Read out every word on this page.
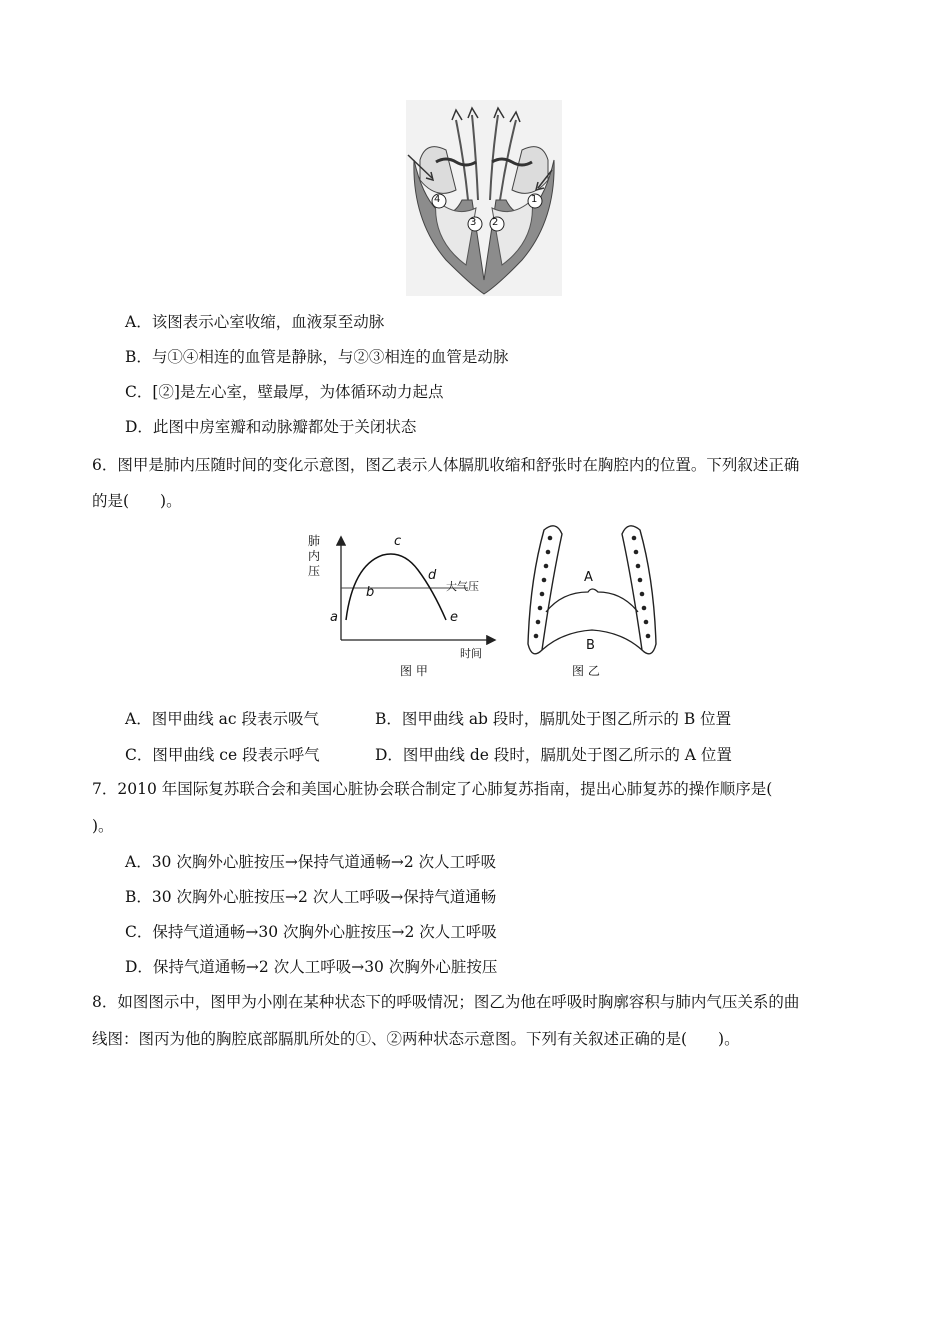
4
3 2
1
A．该图表示心室收缩，血液泵至动脉
B．与①④相连的血管是静脉，与②③相连的血管是动脉
C．[②]是左心室，壁最厚，为体循环动力起点
D．此图中房室瓣和动脉瓣都处于关闭状态
6．图甲是肺内压随时间的变化示意图，图乙表示人体膈肌收缩和舒张时在胸腔内的位置。下列叙述正确
的是(　　)。
肺
内
压
a
b
c
d
e
大气压
时间
图 甲
A
B
图 乙
A．图甲曲线 ac 段表示吸气	B．图甲曲线 ab 段时，膈肌处于图乙所示的 B 位置
C．图甲曲线 ce 段表示呼气	D．图甲曲线 de 段时，膈肌处于图乙所示的 A 位置
7．2010 年国际复苏联合会和美国心脏协会联合制定了心肺复苏指南，提出心肺复苏的操作顺序是(
)。
A．30 次胸外心脏按压→保持气道通畅→2 次人工呼吸
B．30 次胸外心脏按压→2 次人工呼吸→保持气道通畅
C．保持气道通畅→30 次胸外心脏按压→2 次人工呼吸
D．保持气道通畅→2 次人工呼吸→30 次胸外心脏按压
8．如图图示中，图甲为小刚在某种状态下的呼吸情况；图乙为他在呼吸时胸廓容积与肺内气压关系的曲
线图：图丙为他的胸腔底部膈肌所处的①、②两种状态示意图。下列有关叙述正确的是(　　)。
